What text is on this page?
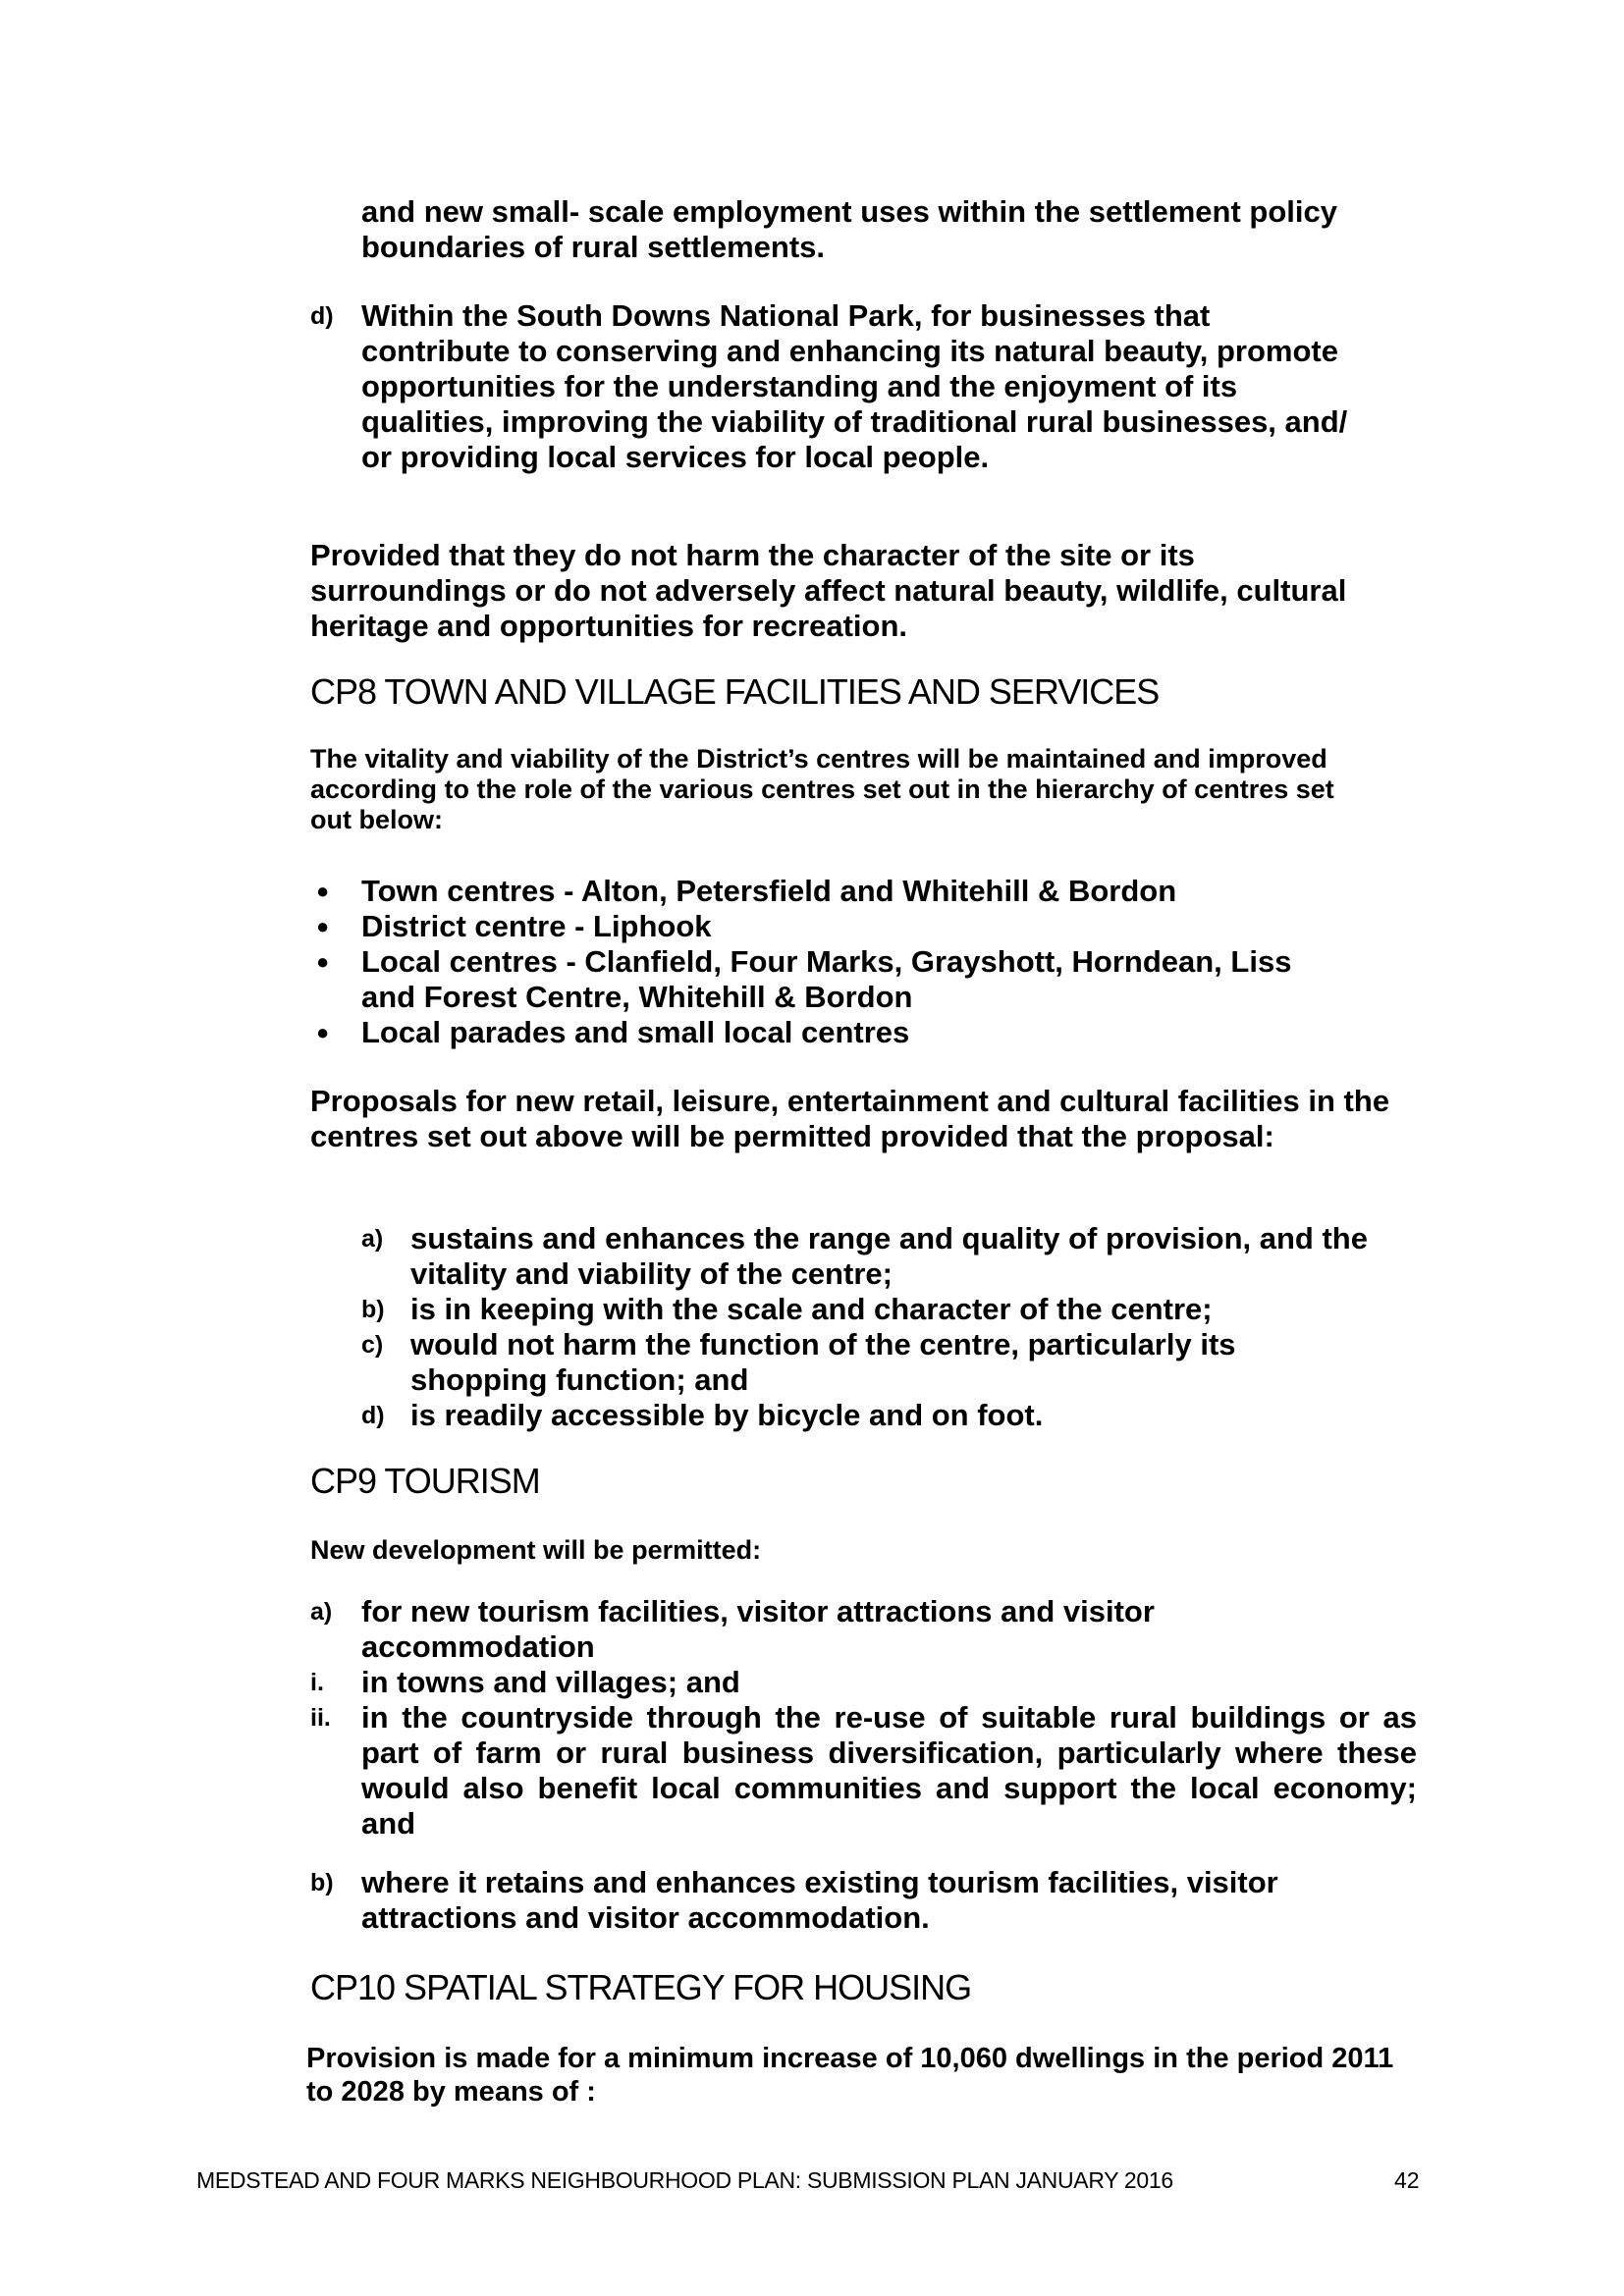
and new small- scale employment uses within the settlement policy boundaries of rural settlements.

d) Within the South Downs National Park, for businesses that contribute to conserving and enhancing its natural beauty, promote opportunities for the understanding and the enjoyment of its qualities, improving the viability of traditional rural businesses, and/ or providing local services for local people.

Provided that they do not harm the character of the site or its surroundings or do not adversely affect natural beauty, wildlife, cultural heritage and opportunities for recreation.

CP8 TOWN AND VILLAGE FACILITIES AND SERVICES

The vitality and viability of the District’s centres will be maintained and improved according to the role of the various centres set out in the hierarchy of centres set out below:

● Town centres - Alton, Petersfield and Whitehill & Bordon

● District centre - Liphook

● Local centres - Clanfield, Four Marks, Grayshott, Horndean, Liss and Forest Centre, Whitehill & Bordon

● Local parades and small local centres

Proposals for new retail, leisure, entertainment and cultural facilities in the centres set out above will be permitted provided that the proposal:

a) sustains and enhances the range and quality of provision, and the vitality and viability of the centre;

b) is in keeping with the scale and character of the centre;

c) would not harm the function of the centre, particularly its shopping function; and

d) is readily accessible by bicycle and on foot.

CP9 TOURISM

New development will be permitted:

a) for new tourism facilities, visitor attractions and visitor accommodation

i. in towns and villages; and

ii. in the countryside through the re-use of suitable rural buildings or as part of farm or rural business diversification, particularly where these would also benefit local communities and support the local economy; and

b) where it retains and enhances existing tourism facilities, visitor attractions and visitor accommodation.

CP10 SPATIAL STRATEGY FOR HOUSING

Provision is made for a minimum increase of 10,060 dwellings in the period 2011 to 2028 by means of :

MEDSTEAD AND FOUR MARKS NEIGHBOURHOOD PLAN: SUBMISSION PLAN JANUARY 2016	42
